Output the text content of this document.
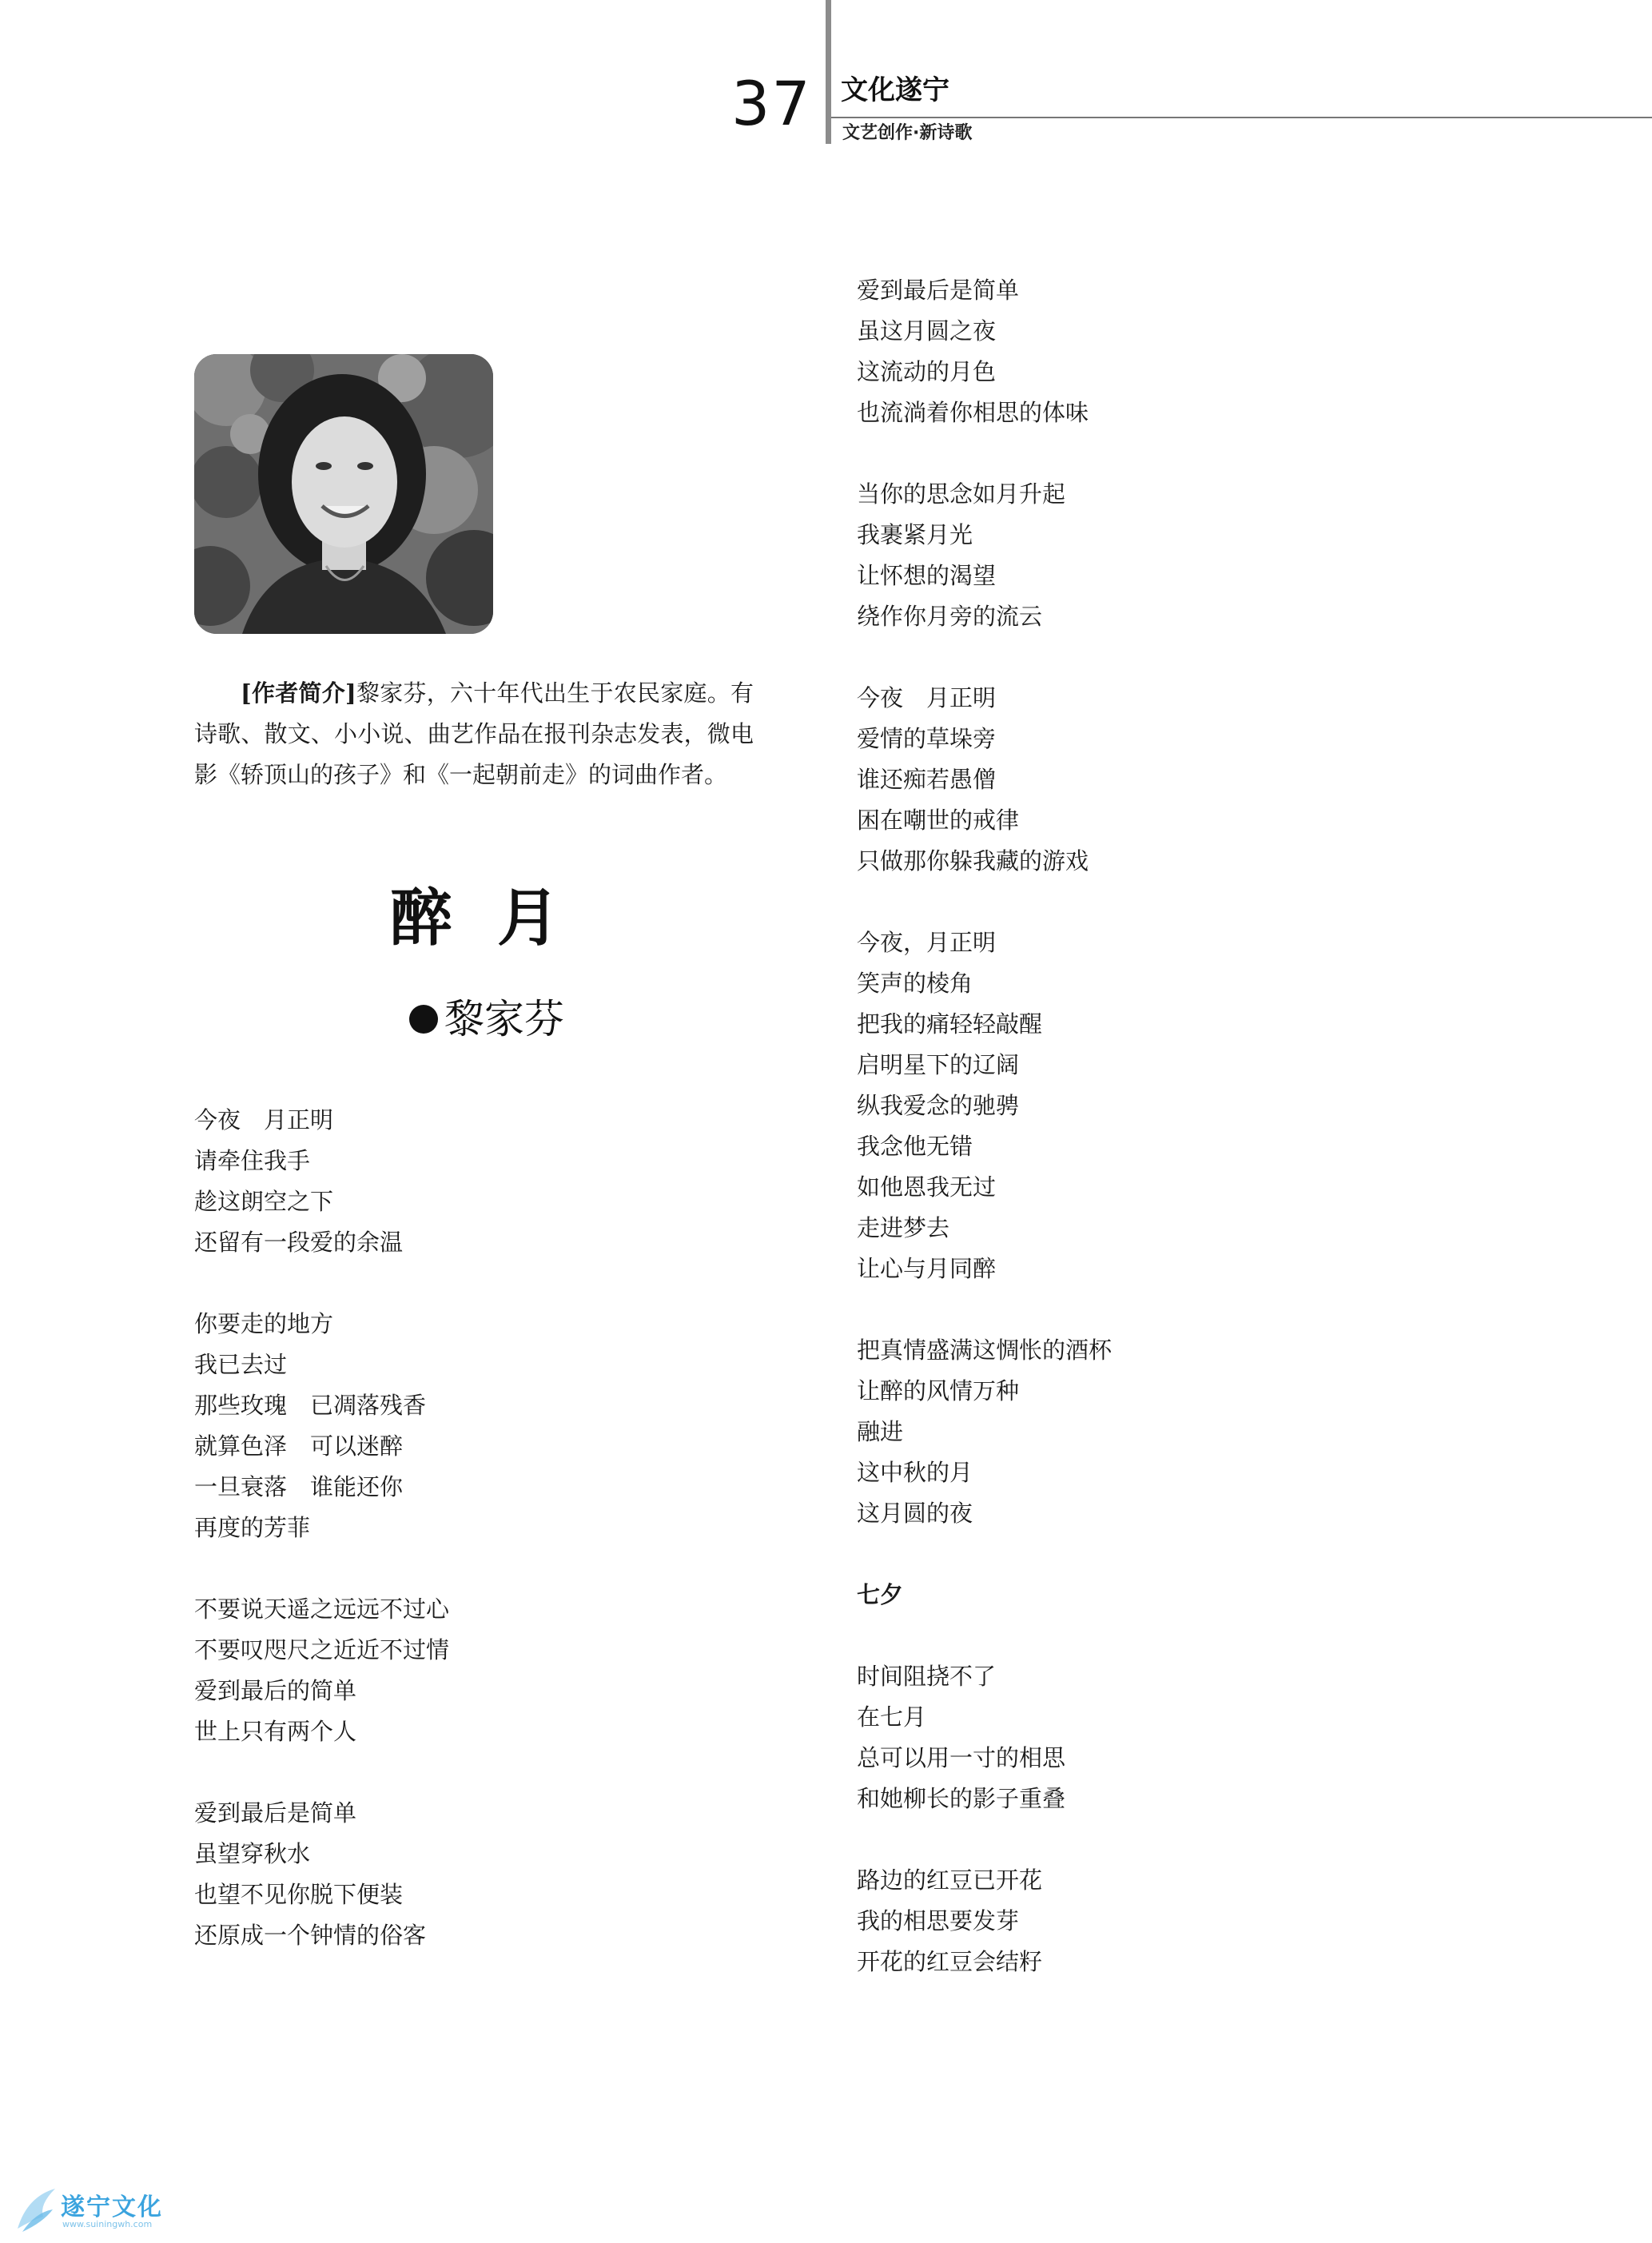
37 文化遂宁
文艺创作·新诗歌
[作者简介]黎家芬，六十年代出生于农民家庭。有诗歌、散文、小小说、曲艺作品在报刊杂志发表，微电影《轿顶山的孩子》和《一起朝前走》的词曲作者。
醉月
黎家芬
今夜　月正明
请牵住我手
趁这朗空之下
还留有一段爱的余温
你要走的地方
我已去过
那些玫瑰　已凋落残香
就算色泽　可以迷醉
一旦衰落　谁能还你
再度的芳菲
不要说天遥之远远不过心
不要叹咫尺之近近不过情
爱到最后的简单
世上只有两个人
爱到最后是简单
虽望穿秋水
也望不见你脱下便装
还原成一个钟情的俗客
爱到最后是简单
虽这月圆之夜
这流动的月色
也流淌着你相思的体味
当你的思念如月升起
我裹紧月光
让怀想的渴望
绕作你月旁的流云
今夜　月正明
爱情的草垛旁
谁还痴若愚僧
困在嘲世的戒律
只做那你躲我藏的游戏
今夜，月正明
笑声的棱角
把我的痛轻轻敲醒
启明星下的辽阔
纵我爱念的驰骋
我念他无错
如他恩我无过
走进梦去
让心与月同醉
把真情盛满这惆怅的酒杯
让醉的风情万种
融进
这中秋的月
这月圆的夜
七夕
时间阻挠不了
在七月
总可以用一寸的相思
和她柳长的影子重叠
路边的红豆已开花
我的相思要发芽
开花的红豆会结籽
遂宁文化
www.suiningwh.com
